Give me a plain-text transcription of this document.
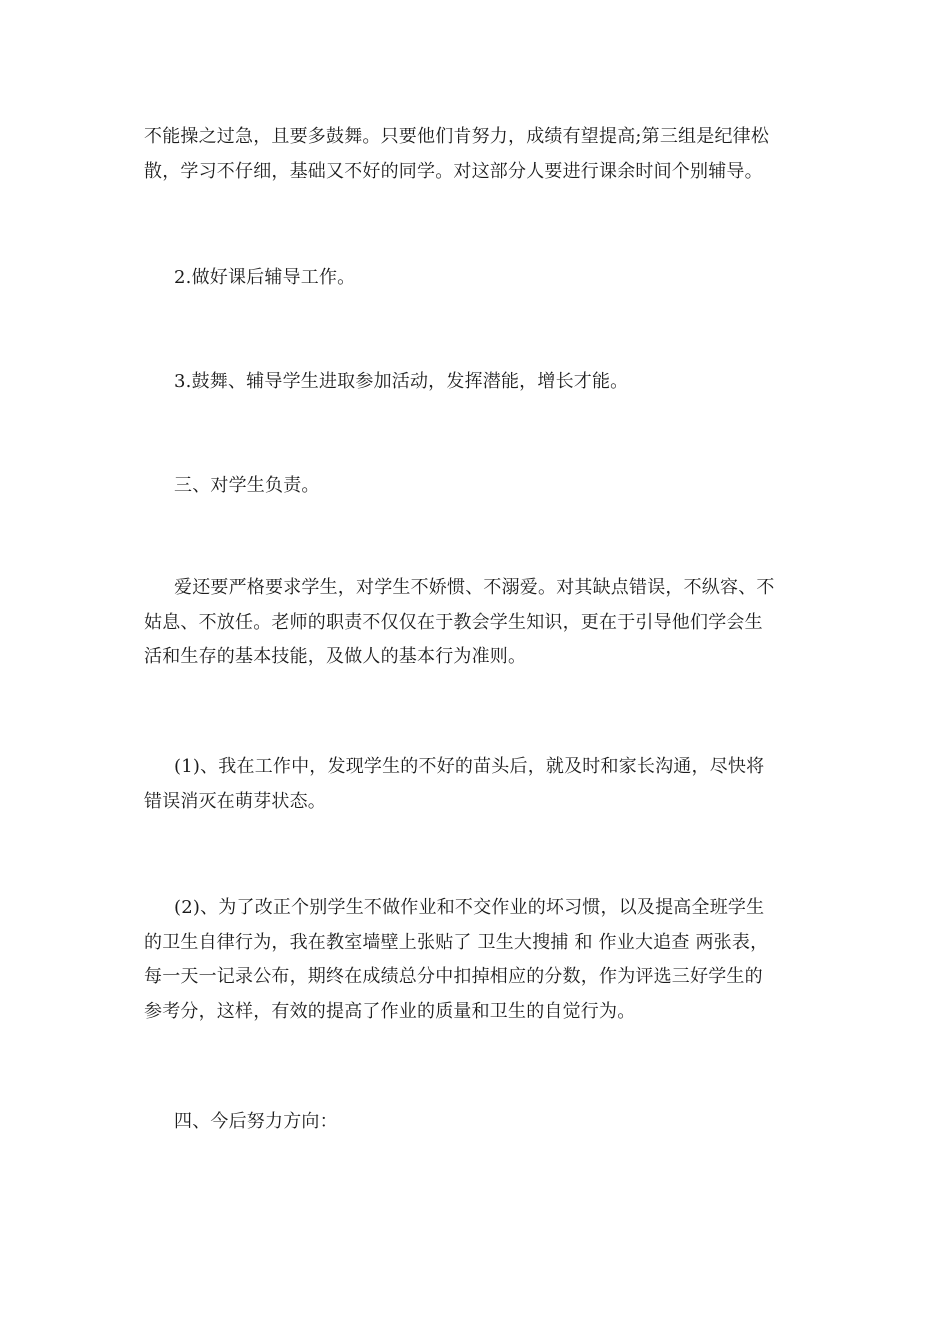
不能操之过急，且要多鼓舞。只要他们肯努力，成绩有望提高;第三组是纪律松
散，学习不仔细，基础又不好的同学。对这部分人要进行课余时间个别辅导。
2.做好课后辅导工作。
3.鼓舞、辅导学生进取参加活动，发挥潜能，增长才能。
三、对学生负责。
爱还要严格要求学生，对学生不娇惯、不溺爱。对其缺点错误，不纵容、不
姑息、不放任。老师的职责不仅仅在于教会学生知识，更在于引导他们学会生
活和生存的基本技能，及做人的基本行为准则。
(1)、我在工作中，发现学生的不好的苗头后，就及时和家长沟通，尽快将
错误消灭在萌芽状态。
(2)、为了改正个别学生不做作业和不交作业的坏习惯，以及提高全班学生
的卫生自律行为，我在教室墙壁上张贴了 卫生大搜捕 和 作业大追查 两张表，
每一天一记录公布，期终在成绩总分中扣掉相应的分数，作为评选三好学生的
参考分，这样，有效的提高了作业的质量和卫生的自觉行为。
四、今后努力方向：
